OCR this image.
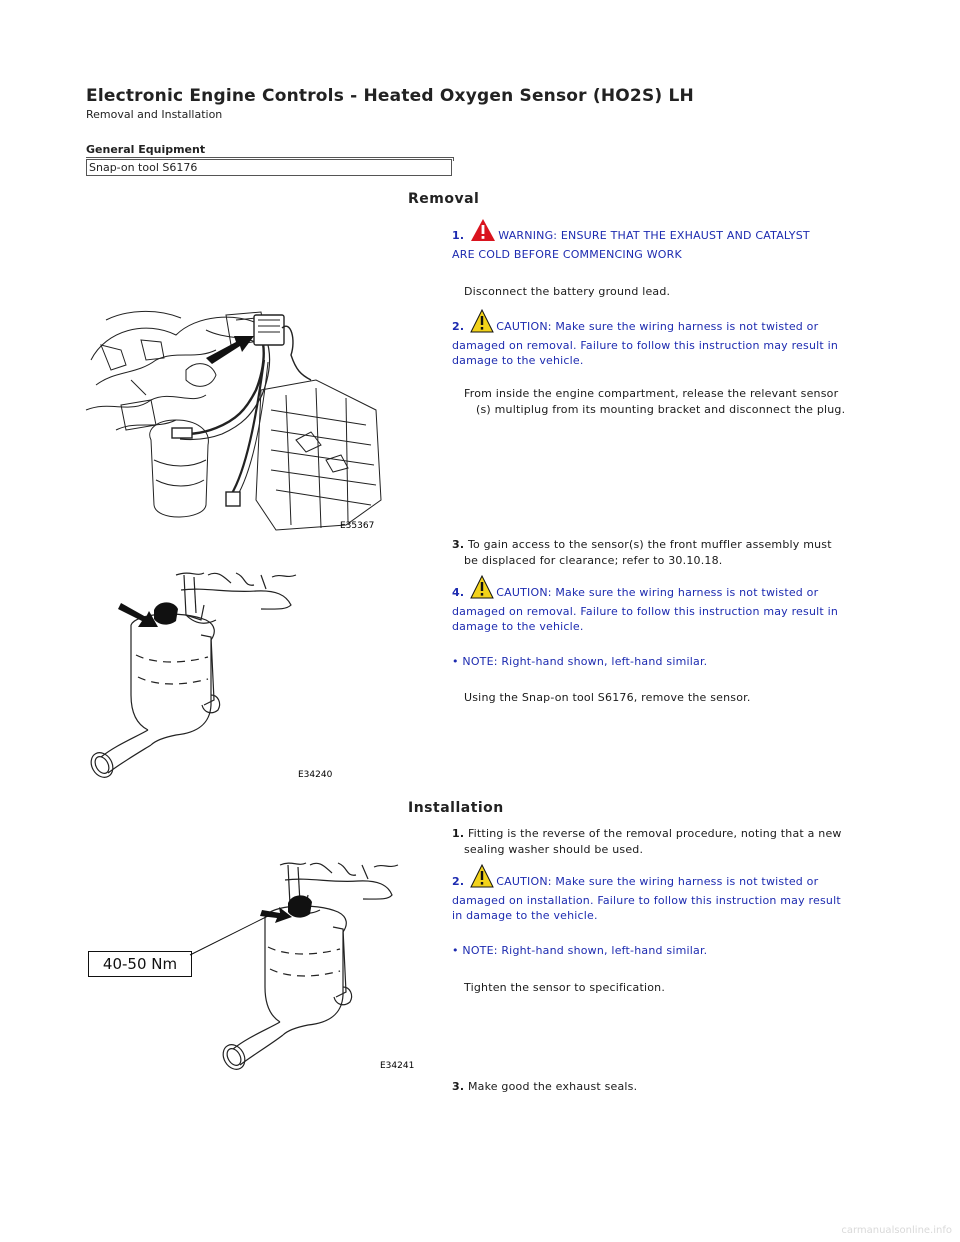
Electronic Engine Controls - Heated Oxygen Sensor (HO2S) LH
Removal and Installation
General Equipment
Snap-on tool S6176
Removal
1.	WARNING: ENSURE THAT THE EXHAUST AND CATALYST
ARE COLD BEFORE COMMENCING WORK
Disconnect the battery ground lead.
2.	CAUTION: Make sure the wiring harness is not twisted or
damaged on removal. Failure to follow this instruction may result in
damage to the vehicle.
From inside the engine compartment, release the relevant sensor
(s) multiplug from its mounting bracket and disconnect the plug.
3. To gain access to the sensor(s) the front muffler assembly must
be displaced for clearance; refer to 30.10.18.
4.	CAUTION: Make sure the wiring harness is not twisted or
damaged on removal. Failure to follow this instruction may result in
damage to the vehicle.
• NOTE: Right-hand shown, left-hand similar.
Using the Snap-on tool S6176, remove the sensor.
Installation
1. Fitting is the reverse of the removal procedure, noting that a new
sealing washer should be used.
2.	CAUTION: Make sure the wiring harness is not twisted or
damaged on installation. Failure to follow this instruction may result
in damage to the vehicle.
• NOTE: Right-hand shown, left-hand similar.
Tighten the sensor to specification.
3. Make good the exhaust seals.
E35367
E34240
E34241
40-50 Nm
carmanualsonline.info
